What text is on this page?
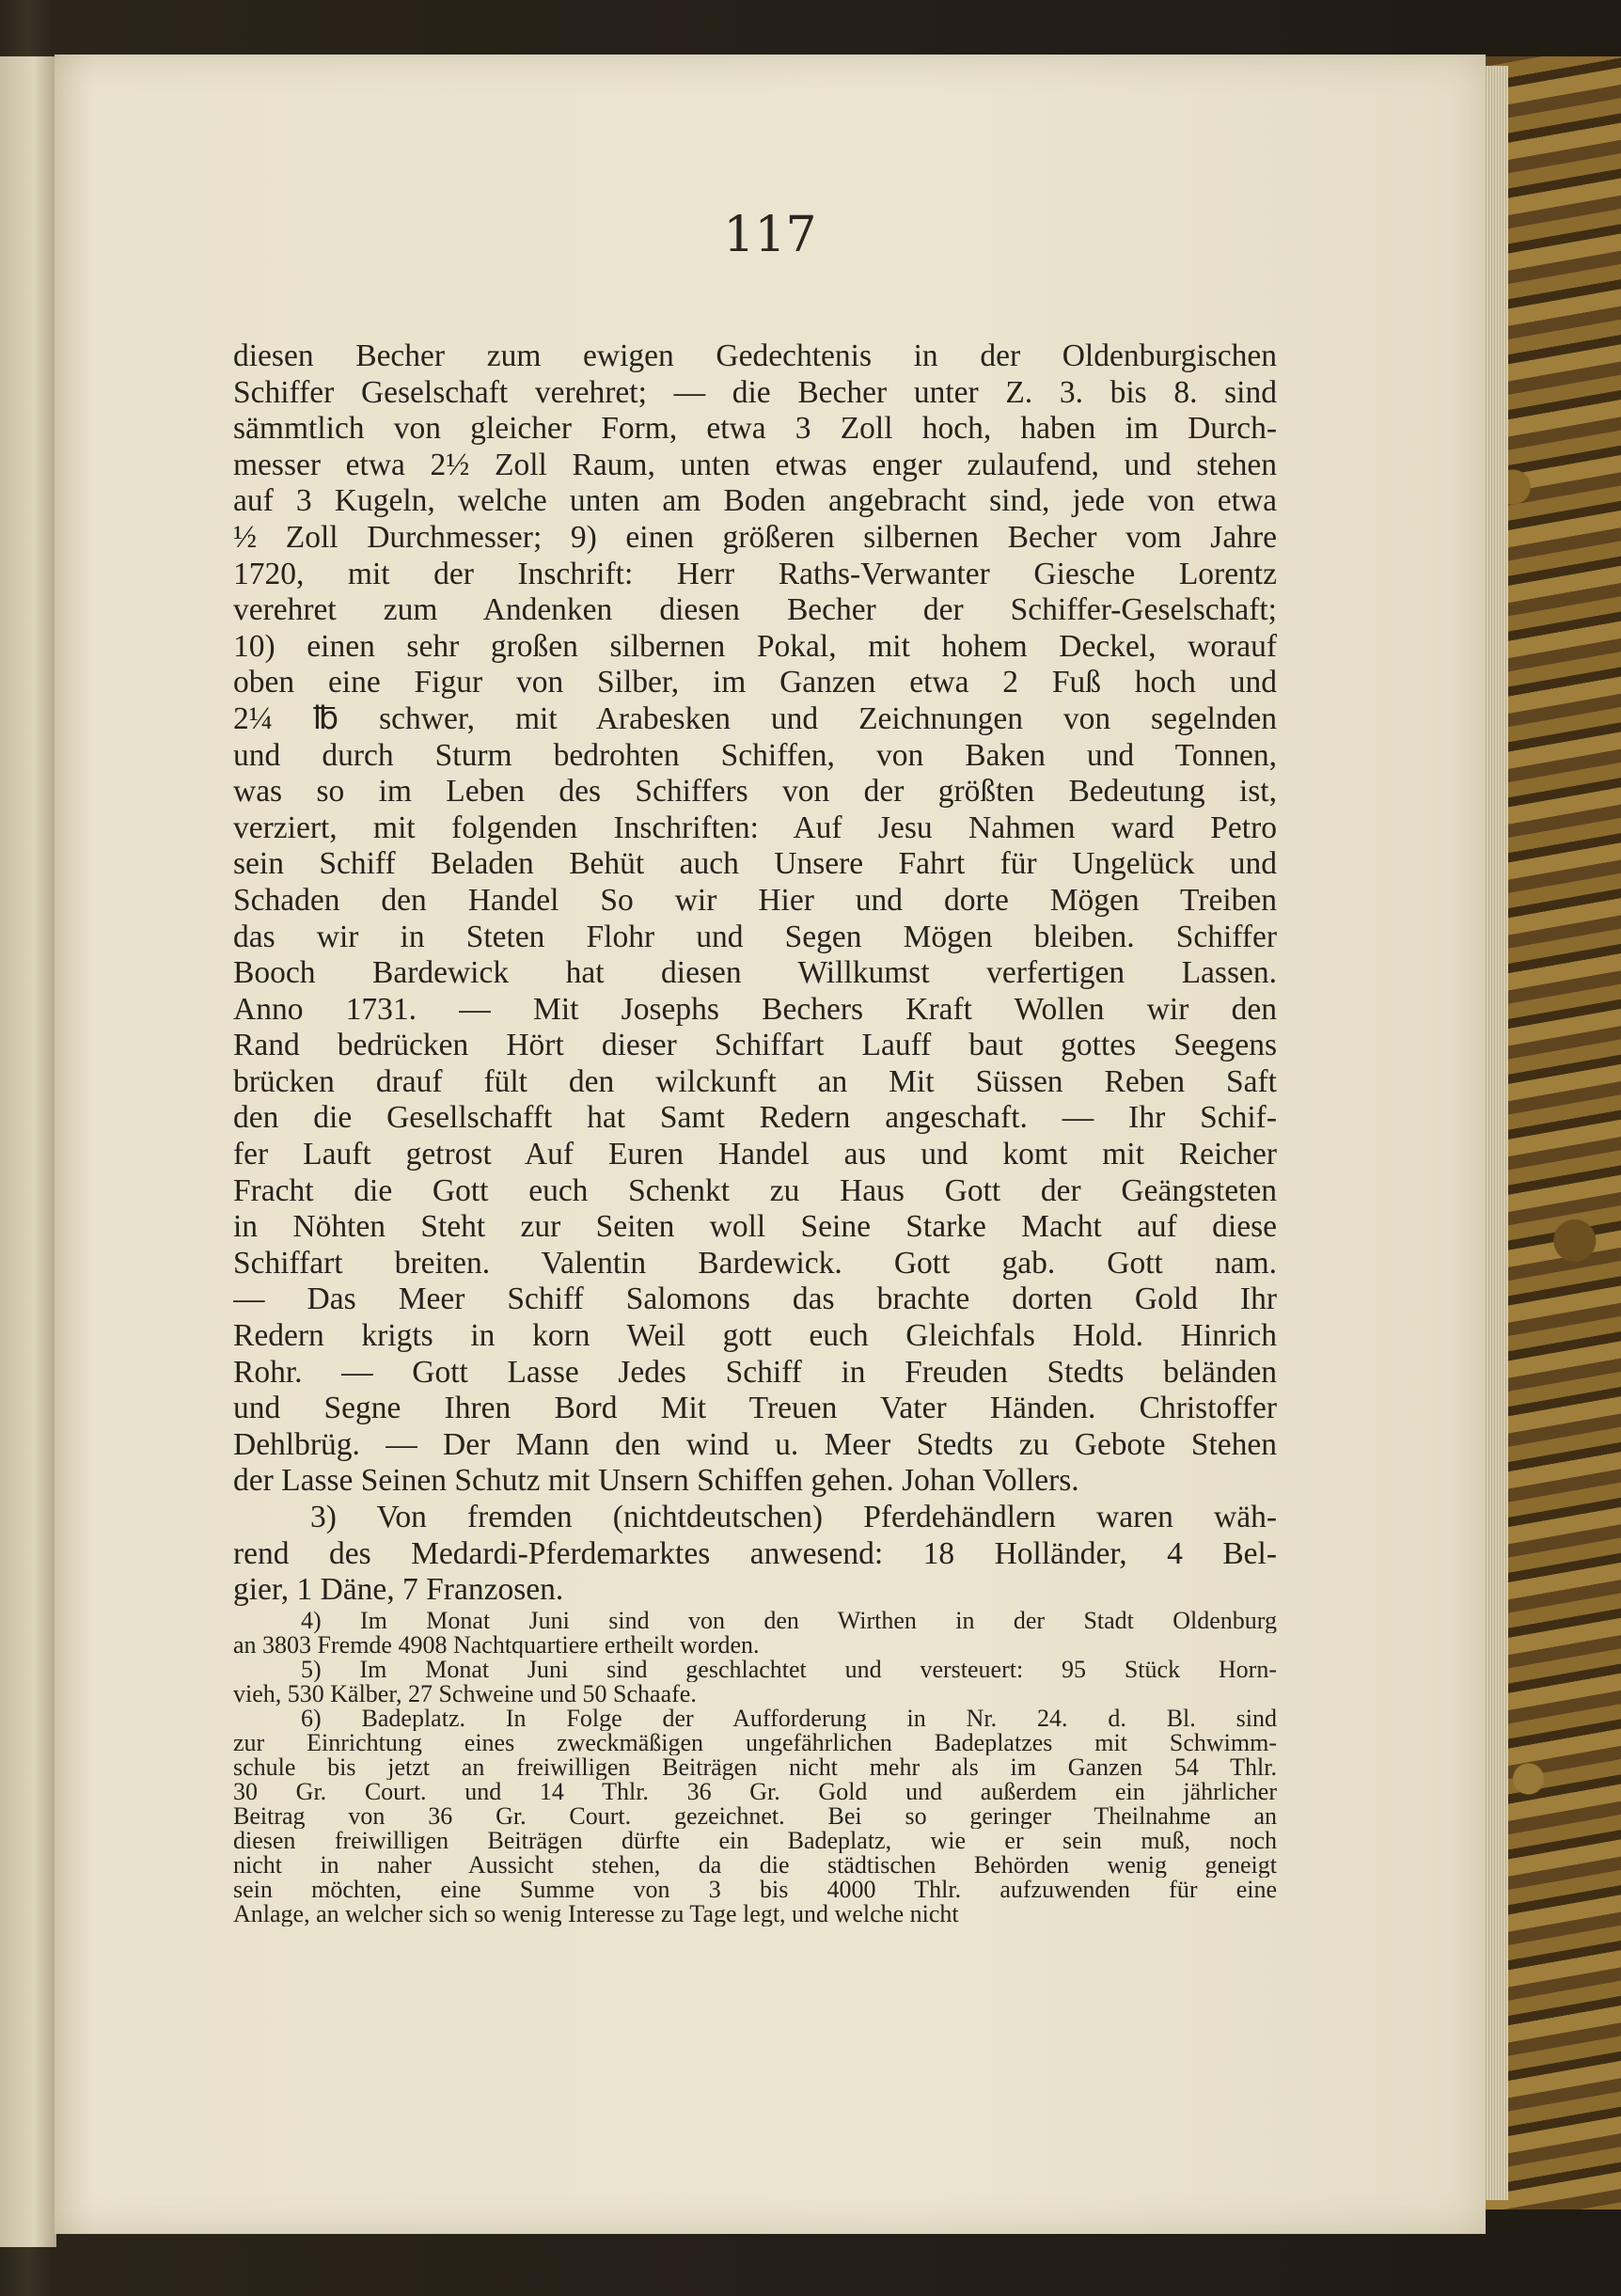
117
diesen Becher zum ewigen Gedechtenis in der Oldenburgischen
Schiffer Geselschaft verehret; — die Becher unter Z. 3. bis 8. sind
sämmtlich von gleicher Form, etwa 3 Zoll hoch, haben im Durch-
messer etwa 2½ Zoll Raum, unten etwas enger zulaufend, und stehen
auf 3 Kugeln, welche unten am Boden angebracht sind, jede von etwa
½ Zoll Durchmesser; 9) einen größeren silbernen Becher vom Jahre
1720, mit der Inschrift: Herr Raths-Verwanter Giesche Lorentz
verehret zum Andenken diesen Becher der Schiffer-Geselschaft;
10) einen sehr großen silbernen Pokal, mit hohem Deckel, worauf
oben eine Figur von Silber, im Ganzen etwa 2 Fuß hoch und
2¼ ℔ schwer, mit Arabesken und Zeichnungen von segelnden
und durch Sturm bedrohten Schiffen, von Baken und Tonnen,
was so im Leben des Schiffers von der größten Bedeutung ist,
verziert, mit folgenden Inschriften: Auf Jesu Nahmen ward Petro
sein Schiff Beladen Behüt auch Unsere Fahrt für Ungelück und
Schaden den Handel So wir Hier und dorte Mögen Treiben
das wir in Steten Flohr und Segen Mögen bleiben. Schiffer
Booch Bardewick hat diesen Willkumst verfertigen Lassen.
Anno 1731. — Mit Josephs Bechers Kraft Wollen wir den
Rand bedrücken Hört dieser Schiffart Lauff baut gottes Seegens
brücken drauf fült den wilckunft an Mit Süssen Reben Saft
den die Gesellschafft hat Samt Redern angeschaft. — Ihr Schif-
fer Lauft getrost Auf Euren Handel aus und komt mit Reicher
Fracht die Gott euch Schenkt zu Haus Gott der Geängsteten
in Nöhten Steht zur Seiten woll Seine Starke Macht auf diese
Schiffart breiten. Valentin Bardewick. Gott gab. Gott nam.
— Das Meer Schiff Salomons das brachte dorten Gold Ihr
Redern krigts in korn Weil gott euch Gleichfals Hold. Hinrich
Rohr. — Gott Lasse Jedes Schiff in Freuden Stedts beländen
und Segne Ihren Bord Mit Treuen Vater Händen. Christoffer
Dehlbrüg. — Der Mann den wind u. Meer Stedts zu Gebote Stehen
der Lasse Seinen Schutz mit Unsern Schiffen gehen. Johan Vollers.
3) Von fremden (nichtdeutschen) Pferdehändlern waren wäh-
rend des Medardi-Pferdemarktes anwesend: 18 Holländer, 4 Bel-
gier, 1 Däne, 7 Franzosen.
4) Im Monat Juni sind von den Wirthen in der Stadt Oldenburg
an 3803 Fremde 4908 Nachtquartiere ertheilt worden.
5) Im Monat Juni sind geschlachtet und versteuert: 95 Stück Horn-
vieh, 530 Kälber, 27 Schweine und 50 Schaafe.
6) Badeplatz. In Folge der Aufforderung in Nr. 24. d. Bl. sind
zur Einrichtung eines zweckmäßigen ungefährlichen Badeplatzes mit Schwimm-
schule bis jetzt an freiwilligen Beiträgen nicht mehr als im Ganzen 54 Thlr.
30 Gr. Court. und 14 Thlr. 36 Gr. Gold und außerdem ein jährlicher
Beitrag von 36 Gr. Court. gezeichnet. Bei so geringer Theilnahme an
diesen freiwilligen Beiträgen dürfte ein Badeplatz, wie er sein muß, noch
nicht in naher Aussicht stehen, da die städtischen Behörden wenig geneigt
sein möchten, eine Summe von 3 bis 4000 Thlr. aufzuwenden für eine
Anlage, an welcher sich so wenig Interesse zu Tage legt, und welche nicht
